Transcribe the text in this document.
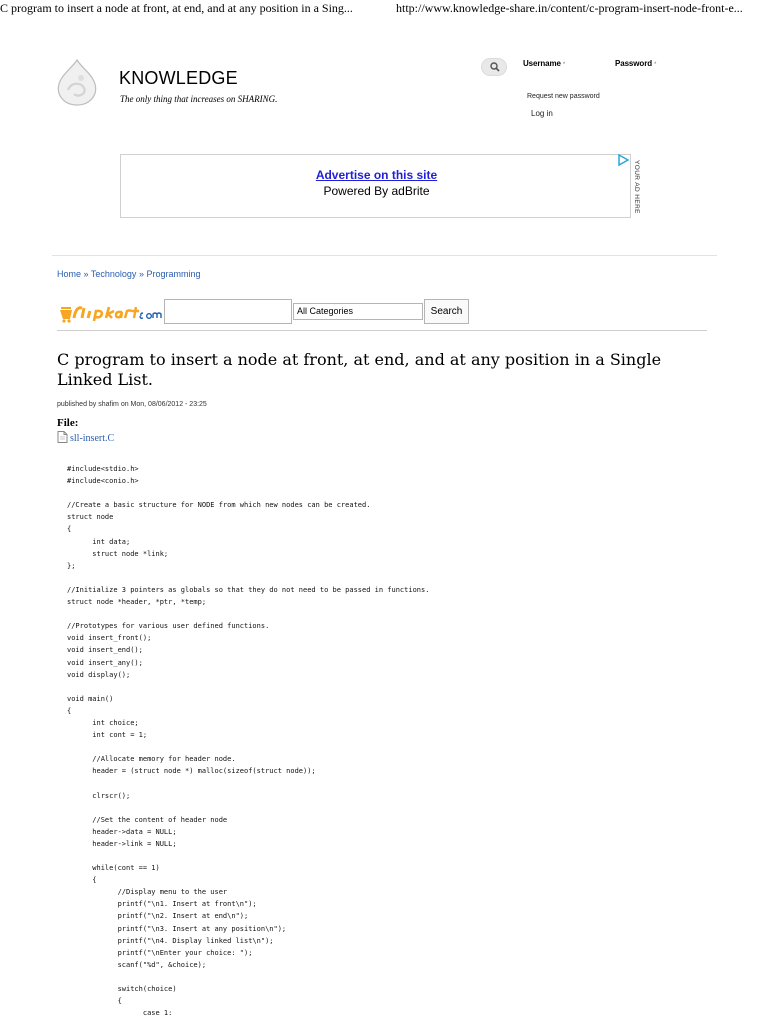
C program to insert a node at front, at end, and at any position in a Sing...	http://www.knowledge-share.in/content/c-program-insert-node-front-e...
KNOWLEDGE
The only thing that increases on SHARING.
Username *	Password *
Request new password
Log in
Advertise on this site
Powered By adBrite	YOUR AD HERE
Home » Technology » Programming
All Categories	Search
C program to insert a node at front, at end, and at any position in a Single Linked List.
published by shafim on Mon, 08/06/2012 - 23:25
File:
sll-insert.C
#include<stdio.h>
#include<conio.h>
//Create a basic structure for NODE from which new nodes can be created.
struct node
{
int data;
struct node *link;
};
//Initialize 3 pointers as globals so that they do not need to be passed in functions.
struct node *header, *ptr, *temp;
//Prototypes for various user defined functions.
void insert_front();
void insert_end();
void insert_any();
void display();
void main()
{
int choice;
int cont = 1;
//Allocate memory for header node.
header = (struct node *) malloc(sizeof(struct node));
clrscr();
//Set the content of header node
header->data = NULL;
header->link = NULL;
while(cont == 1)
{
//Display menu to the user
printf("\n1. Insert at front\n");
printf("\n2. Insert at end\n");
printf("\n3. Insert at any position\n");
printf("\n4. Display linked list\n");
printf("\nEnter your choice: ");
scanf("%d", &choice);
switch(choice)
{
case 1:
